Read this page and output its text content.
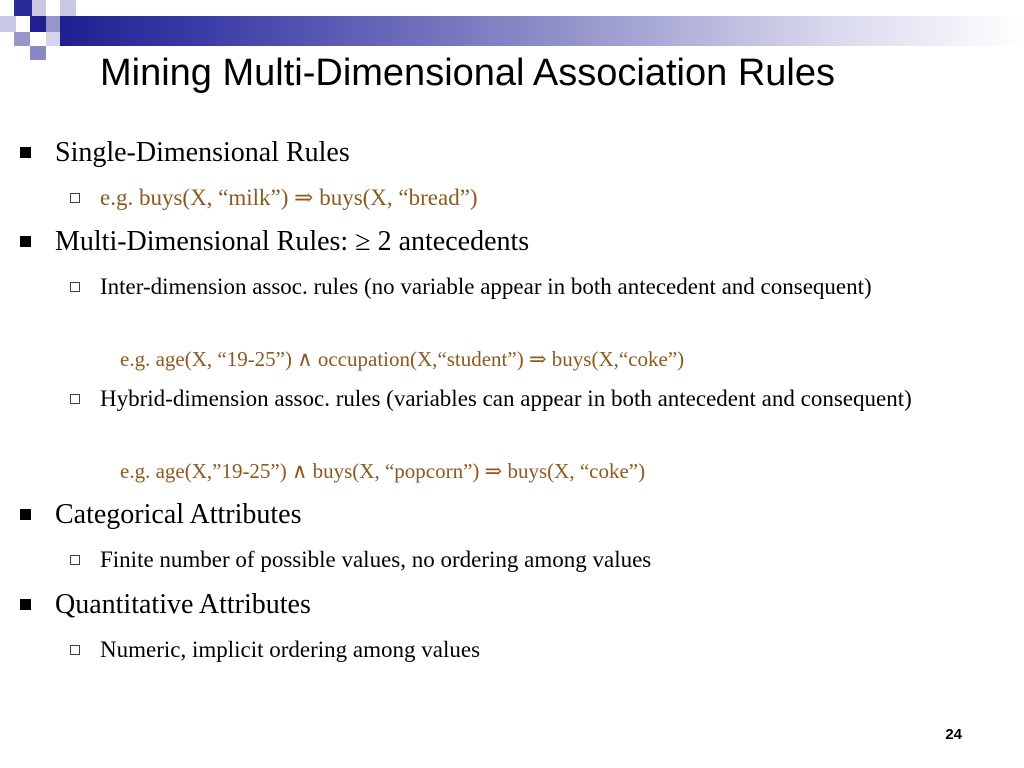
Mining Multi-Dimensional Association Rules
Single-Dimensional Rules
e.g. buys(X, “milk”) ⇒ buys(X, “bread”)
Multi-Dimensional Rules: ≥ 2 antecedents
Inter-dimension assoc. rules (no variable appear in both antecedent and consequent)
e.g. age(X, “19-25”) ∧ occupation(X,“student”) ⇒ buys(X,“coke”)
Hybrid-dimension assoc. rules (variables can appear in both antecedent and consequent)
e.g. age(X,”19-25”) ∧ buys(X, “popcorn”) ⇒ buys(X, “coke”)
Categorical Attributes
Finite number of possible values, no ordering among values
Quantitative Attributes
Numeric, implicit ordering among values
24
